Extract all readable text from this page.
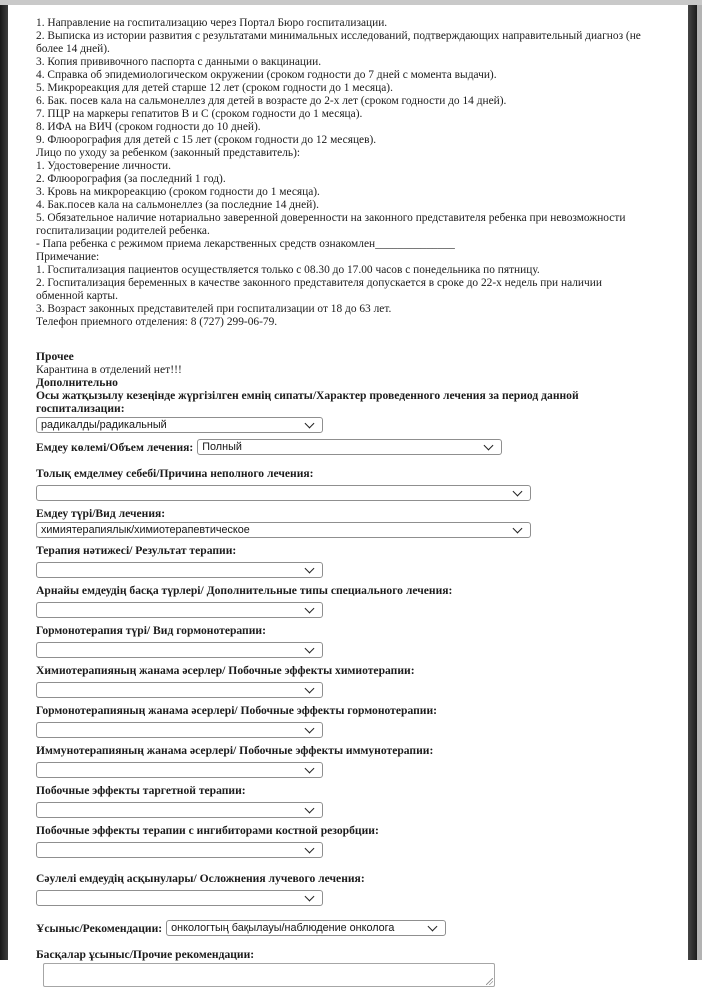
1. Направление на госпитализацию через Портал Бюро госпитализации.
2. Выписка из истории развития с результатами минимальных исследований, подтверждающих направительный диагноз (не более 14 дней).
3. Копия прививочного паспорта с данными о вакцинации.
4. Справка об эпидемиологическом окружении (сроком годности до 7 дней с момента выдачи).
5. Микрореакция для детей старше 12 лет (сроком годности до 1 месяца).
6. Бак. посев кала на сальмонеллез для детей в возрасте до 2-х лет (сроком годности до 14 дней).
7. ПЦР на маркеры гепатитов В и С (сроком годности до 1 месяца).
8. ИФА на ВИЧ (сроком годности до 10 дней).
9. Флюорография для детей с 15 лет (сроком годности до 12 месяцев).
Лицо по уходу за ребенком (законный представитель):
1. Удостоверение личности.
2. Флюорография (за последний 1 год).
3. Кровь на микрореакцию (сроком годности до 1 месяца).
4. Бак.посев кала на сальмонеллез (за последние 14 дней).
5. Обязательное наличие нотариально заверенной доверенности на законного представителя ребенка при невозможности госпитализации родителей ребенка.
- Папа ребенка с режимом приема лекарственных средств ознакомлен______________
Примечание:
1. Госпитализация пациентов осуществляется только с 08.30 до 17.00 часов с понедельника по пятницу.
2. Госпитализация беременных в качестве законного представителя допускается в сроке до 22-х недель при наличии обменной карты.
3. Возраст законных представителей при госпитализации от 18 до 63 лет.
Телефон приемного отделения: 8 (727) 299-06-79.
Прочее
Карантина в отделений нет!!!
Дополнительно
Осы жатқызылу кезеңінде жүргізілген емнің сипаты/Характер проведенного лечения за период данной госпитализации:
радикалды/радикальный
Емдеу көлемі/Объем лечения: Полный
Толық емделмеу себебі/Причина неполного лечения:
Емдеу түрі/Вид лечения:
химиятерапиялык/химиотерапевтическое
Терапия нәтижесі/ Результат терапии:
Арнайы емдеудің басқа түрлері/ Дополнительные типы специального лечения:
Гормонотерапия түрі/ Вид гормонотерапии:
Химиотерапияның жанама әсерлер/ Побочные эффекты химиотерапии:
Гормонотерапияның жанама әсерлері/ Побочные эффекты гормонотерапии:
Иммунотерапияның жанама әсерлері/ Побочные эффекты иммунотерапии:
Побочные эффекты таргетной терапии:
Побочные эффекты терапии с ингибиторами костной резорбции:
Сәулелі емдеудің асқынулары/ Осложнения лучевого лечения:
Ұсыныс/Рекомендации: онкологтың бақылауы/наблюдение онколога
Басқалар ұсыныс/Прочие рекомендации:
